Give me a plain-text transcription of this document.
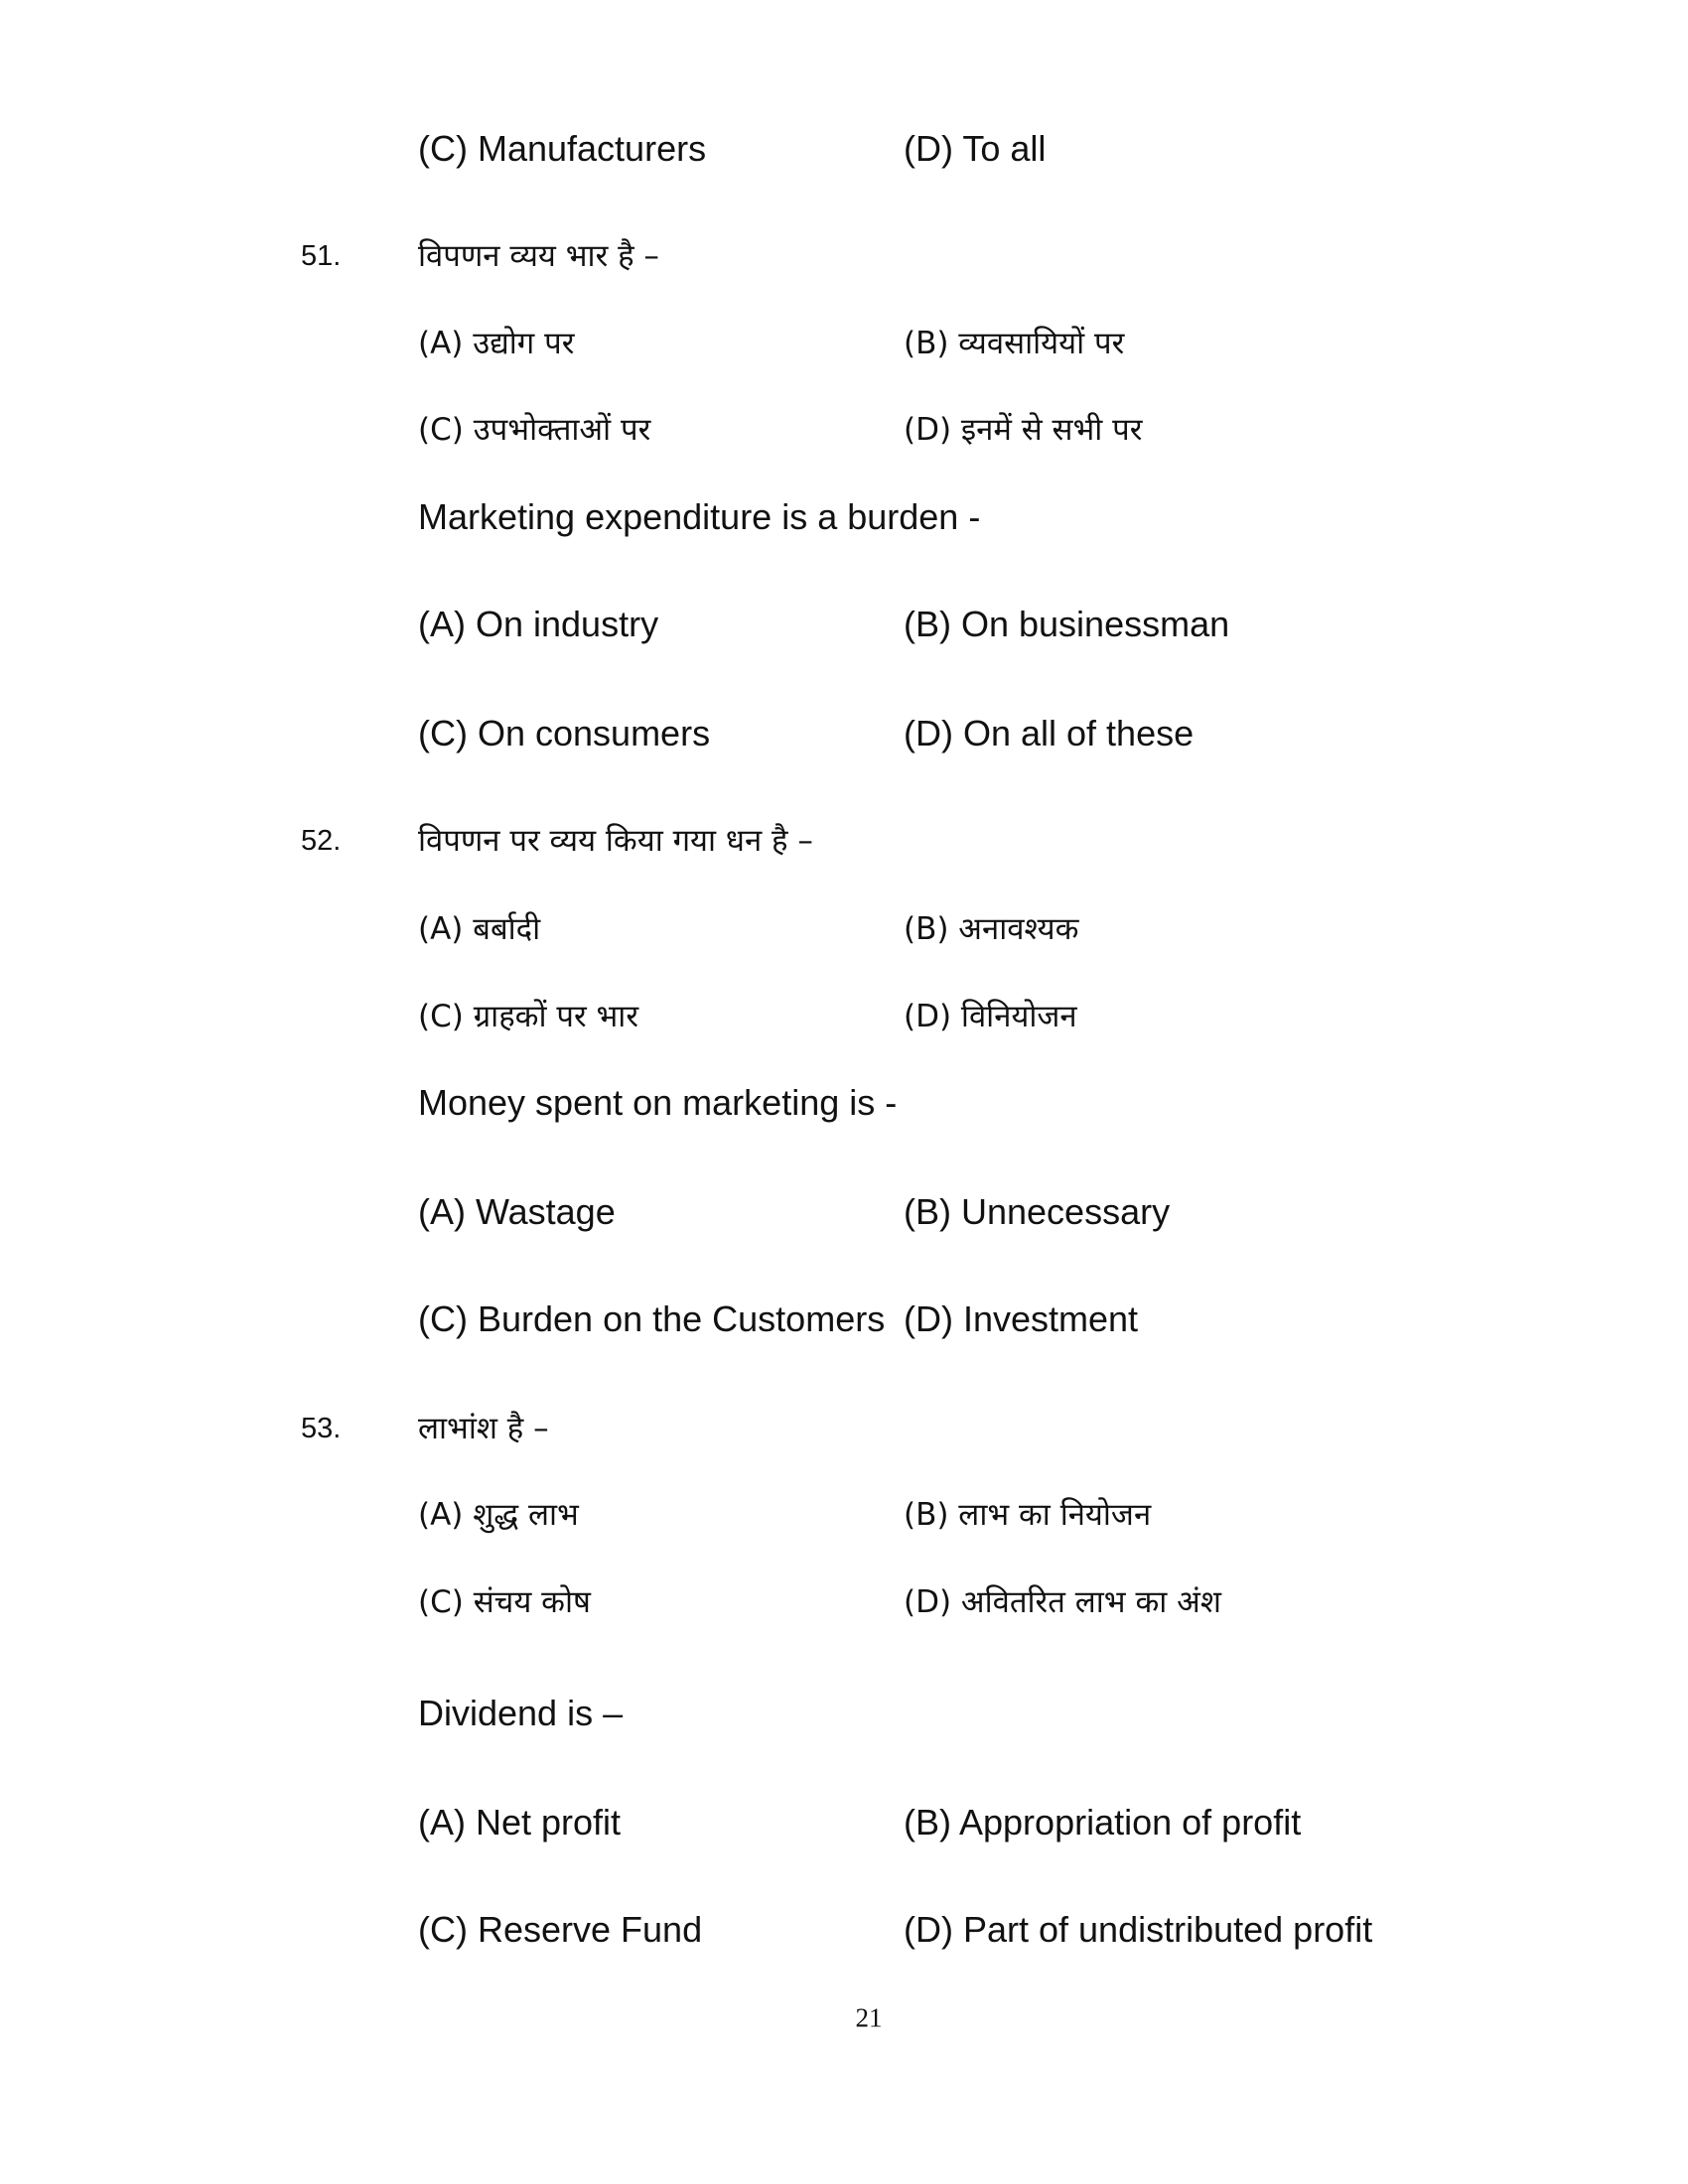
(C) Manufacturers	(D) To all
51.	विपणन व्यय भार है –
(A) उद्योग पर	(B) व्यवसायियों पर
(C) उपभोक्ताओं पर	(D) इनमें से सभी पर
Marketing expenditure is a burden -
(A) On industry	(B) On businessman
(C) On consumers	(D) On all of these
52.	विपणन पर व्यय किया गया धन है –
(A) बर्बादी	(B) अनावश्यक
(C) ग्राहकों पर भार	(D) विनियोजन
Money spent on marketing is -
(A) Wastage	(B) Unnecessary
(C) Burden on the Customers (D) Investment
53.	लाभांश है –
(A) शुद्ध लाभ	(B) लाभ का नियोजन
(C) संचय कोष	(D) अवितरित लाभ का अंश
Dividend is –
(A) Net profit	(B) Appropriation of profit
(C) Reserve Fund	(D) Part of undistributed profit
21
